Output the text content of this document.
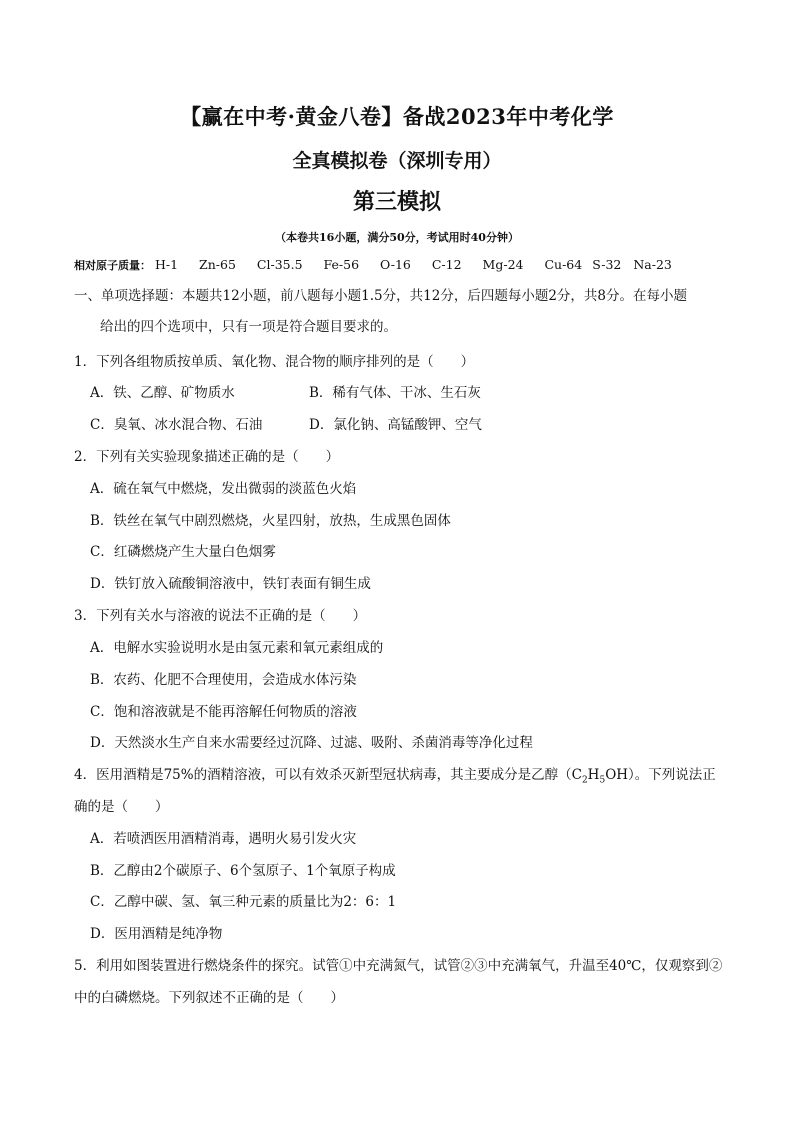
【赢在中考·黄金八卷】备战2023年中考化学
全真模拟卷（深圳专用）
第三模拟
（本卷共16小题，满分50分，考试用时40分钟）
相对原子质量： H-1 Zn-65 Cl-35.5 Fe-56 O-16 C-12 Mg-24 Cu-64 S-32 Na-23
一、单项选择题：本题共12小题，前八题每小题1.5分，共12分，后四题每小题2分，共8分。在每小题
给出的四个选项中，只有一项是符合题目要求的。
1．下列各组物质按单质、氧化物、混合物的顺序排列的是（　　）
A．铁、乙醇、矿物质水	B．稀有气体、干冰、生石灰
C．臭氧、冰水混合物、石油	D．氯化钠、高锰酸钾、空气
2．下列有关实验现象描述正确的是（　　）
A．硫在氧气中燃烧，发出微弱的淡蓝色火焰
B．铁丝在氧气中剧烈燃烧，火星四射，放热，生成黑色固体
C．红磷燃烧产生大量白色烟雾
D．铁钉放入硫酸铜溶液中，铁钉表面有铜生成
3．下列有关水与溶液的说法不正确的是（　　）
A．电解水实验说明水是由氢元素和氧元素组成的
B．农药、化肥不合理使用，会造成水体污染
C．饱和溶液就是不能再溶解任何物质的溶液
D．天然淡水生产自来水需要经过沉降、过滤、吸附、杀菌消毒等净化过程
4．医用酒精是75%的酒精溶液，可以有效杀灭新型冠状病毒，其主要成分是乙醇$(C_2H_5OH)$。下列说法正
确的是（　　）
A．若喷洒医用酒精消毒，遇明火易引发火灾
B．乙醇由2个碳原子、6个氢原子、1个氧原子构成
C．乙醇中碳、氢、氧三种元素的质量比为2：6：1
D．医用酒精是纯净物
5．利用如图装置进行燃烧条件的探究。试管①中充满氮气，试管②③中充满氧气，升温至40℃，仅观察到②
中的白磷燃烧。下列叙述不正确的是（　　）
